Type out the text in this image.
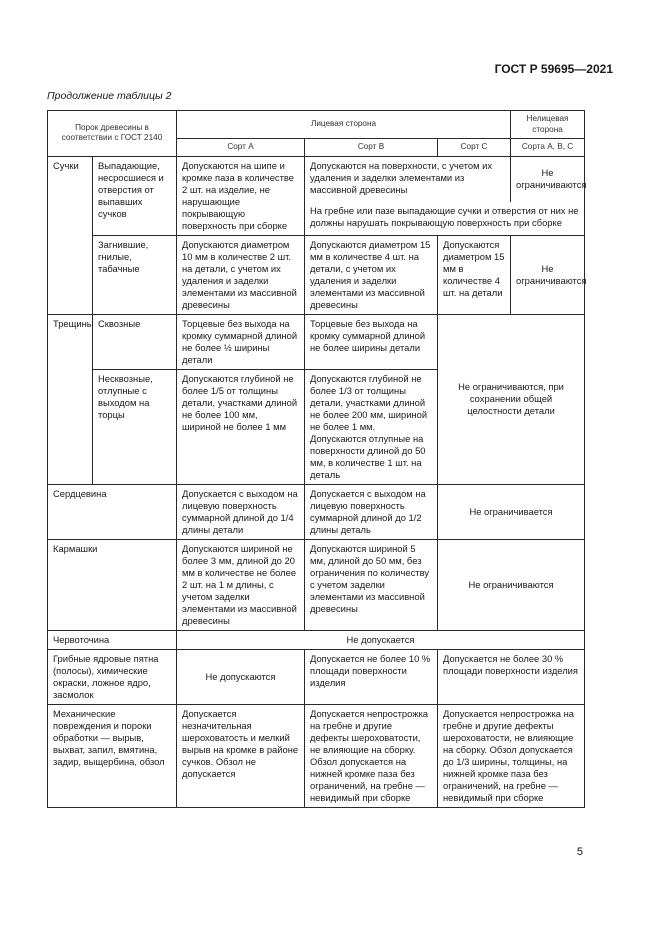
ГОСТ Р 59695—2021
Продолжение таблицы 2
Порок древесины в соответствии с ГОСТ 2140		Лицевая сторона			Нелицевая сторона
		Сорт A	Сорт B	Сорт C	Сорта А, В, С
Сучки	Выпадающие, несросшиеся и отверстия от выпавших сучков	Допускаются на шипе и кромке паза в количестве 2 шт. на изделие, не нарушающие покрывающую поверхность при сборке	Допускаются на поверхности, с учетом их удаления и заделки элементами из массивной древесины		Не ограничиваются
			На гребне или пазе выпадающие сучки и отверстия от них не должны нарушать покрывающую поверхность при сборке		
	Загнившие, гнилые, табачные	Допускаются диаметром 10 мм в количестве 2 шт. на детали, с учетом их удаления и заделки элементами из массивной древесины	Допускаются диаметром 15 мм в количестве 4 шт. на детали, с учетом их удаления и заделки элементами из массивной древесины	Допускаются диаметром 15 мм в количестве 4 шт. на детали	Не ограничиваются
Трещины	Сквозные	Торцевые без выхода на кромку суммарной длиной не более ½ ширины детали	Торцевые без выхода на кромку суммарной длиной не более ширины детали	Не ограничиваются, при сохранении общей целостности детали	
	Несквозные, отлупные с выходом на торцы	Допускаются глубиной не более 1/5 от толщины детали, участками длиной не более 100 мм, шириной не более 1 мм	Допускаются глубиной не более 1/3 от толщины детали, участками длиной не более 200 мм, шириной не более 1 мм. Допускаются отлупные на поверхности длиной до 50 мм, в количестве 1 шт. на деталь		
Сердцевина		Допускается с выходом на лицевую поверхность суммарной длиной до 1/4 длины детали	Допускается с выходом на лицевую поверхность суммарной длиной до 1/2 длины деталь	Не ограничивается	
Кармашки		Допускаются шириной не более 3 мм, длиной до 20 мм в количестве не более 2 шт. на 1 м длины, с учетом заделки элементами из массивной древесины	Допускаются шириной 5 мм, длиной до 50 мм, без ограничения по количеству с учетом заделки элементами из массивной древесины	Не ограничиваются	
Червоточина		Не допускается			
Грибные ядровые пятна (полосы), химические окраски, ложное ядро, засмолок		Не допускаются	Допускается не более 10 % площади поверхности изделия	Допускается не более 30 % площади поверхности изделия	
Механические повреждения и пороки обработки — вырыв, выхват, запил, вмятина, задир, выщербина, обзол		Допускается незначительная шероховатость и мелкий вырыв на кромке в районе сучков. Обзол не допускается	Допускается непрострожка на гребне и другие дефекты шероховатости, не влияющие на сборку. Обзол допускается на нижней кромке паза без ограничений, на гребне — невидимый при сборке	Допускается непрострожка на гребне и другие дефекты шероховатости, не влияющие на сборку. Обзол допускается до 1/3 ширины, толщины, на нижней кромке паза без ограничений, на гребне — невидимый при сборке	
5
